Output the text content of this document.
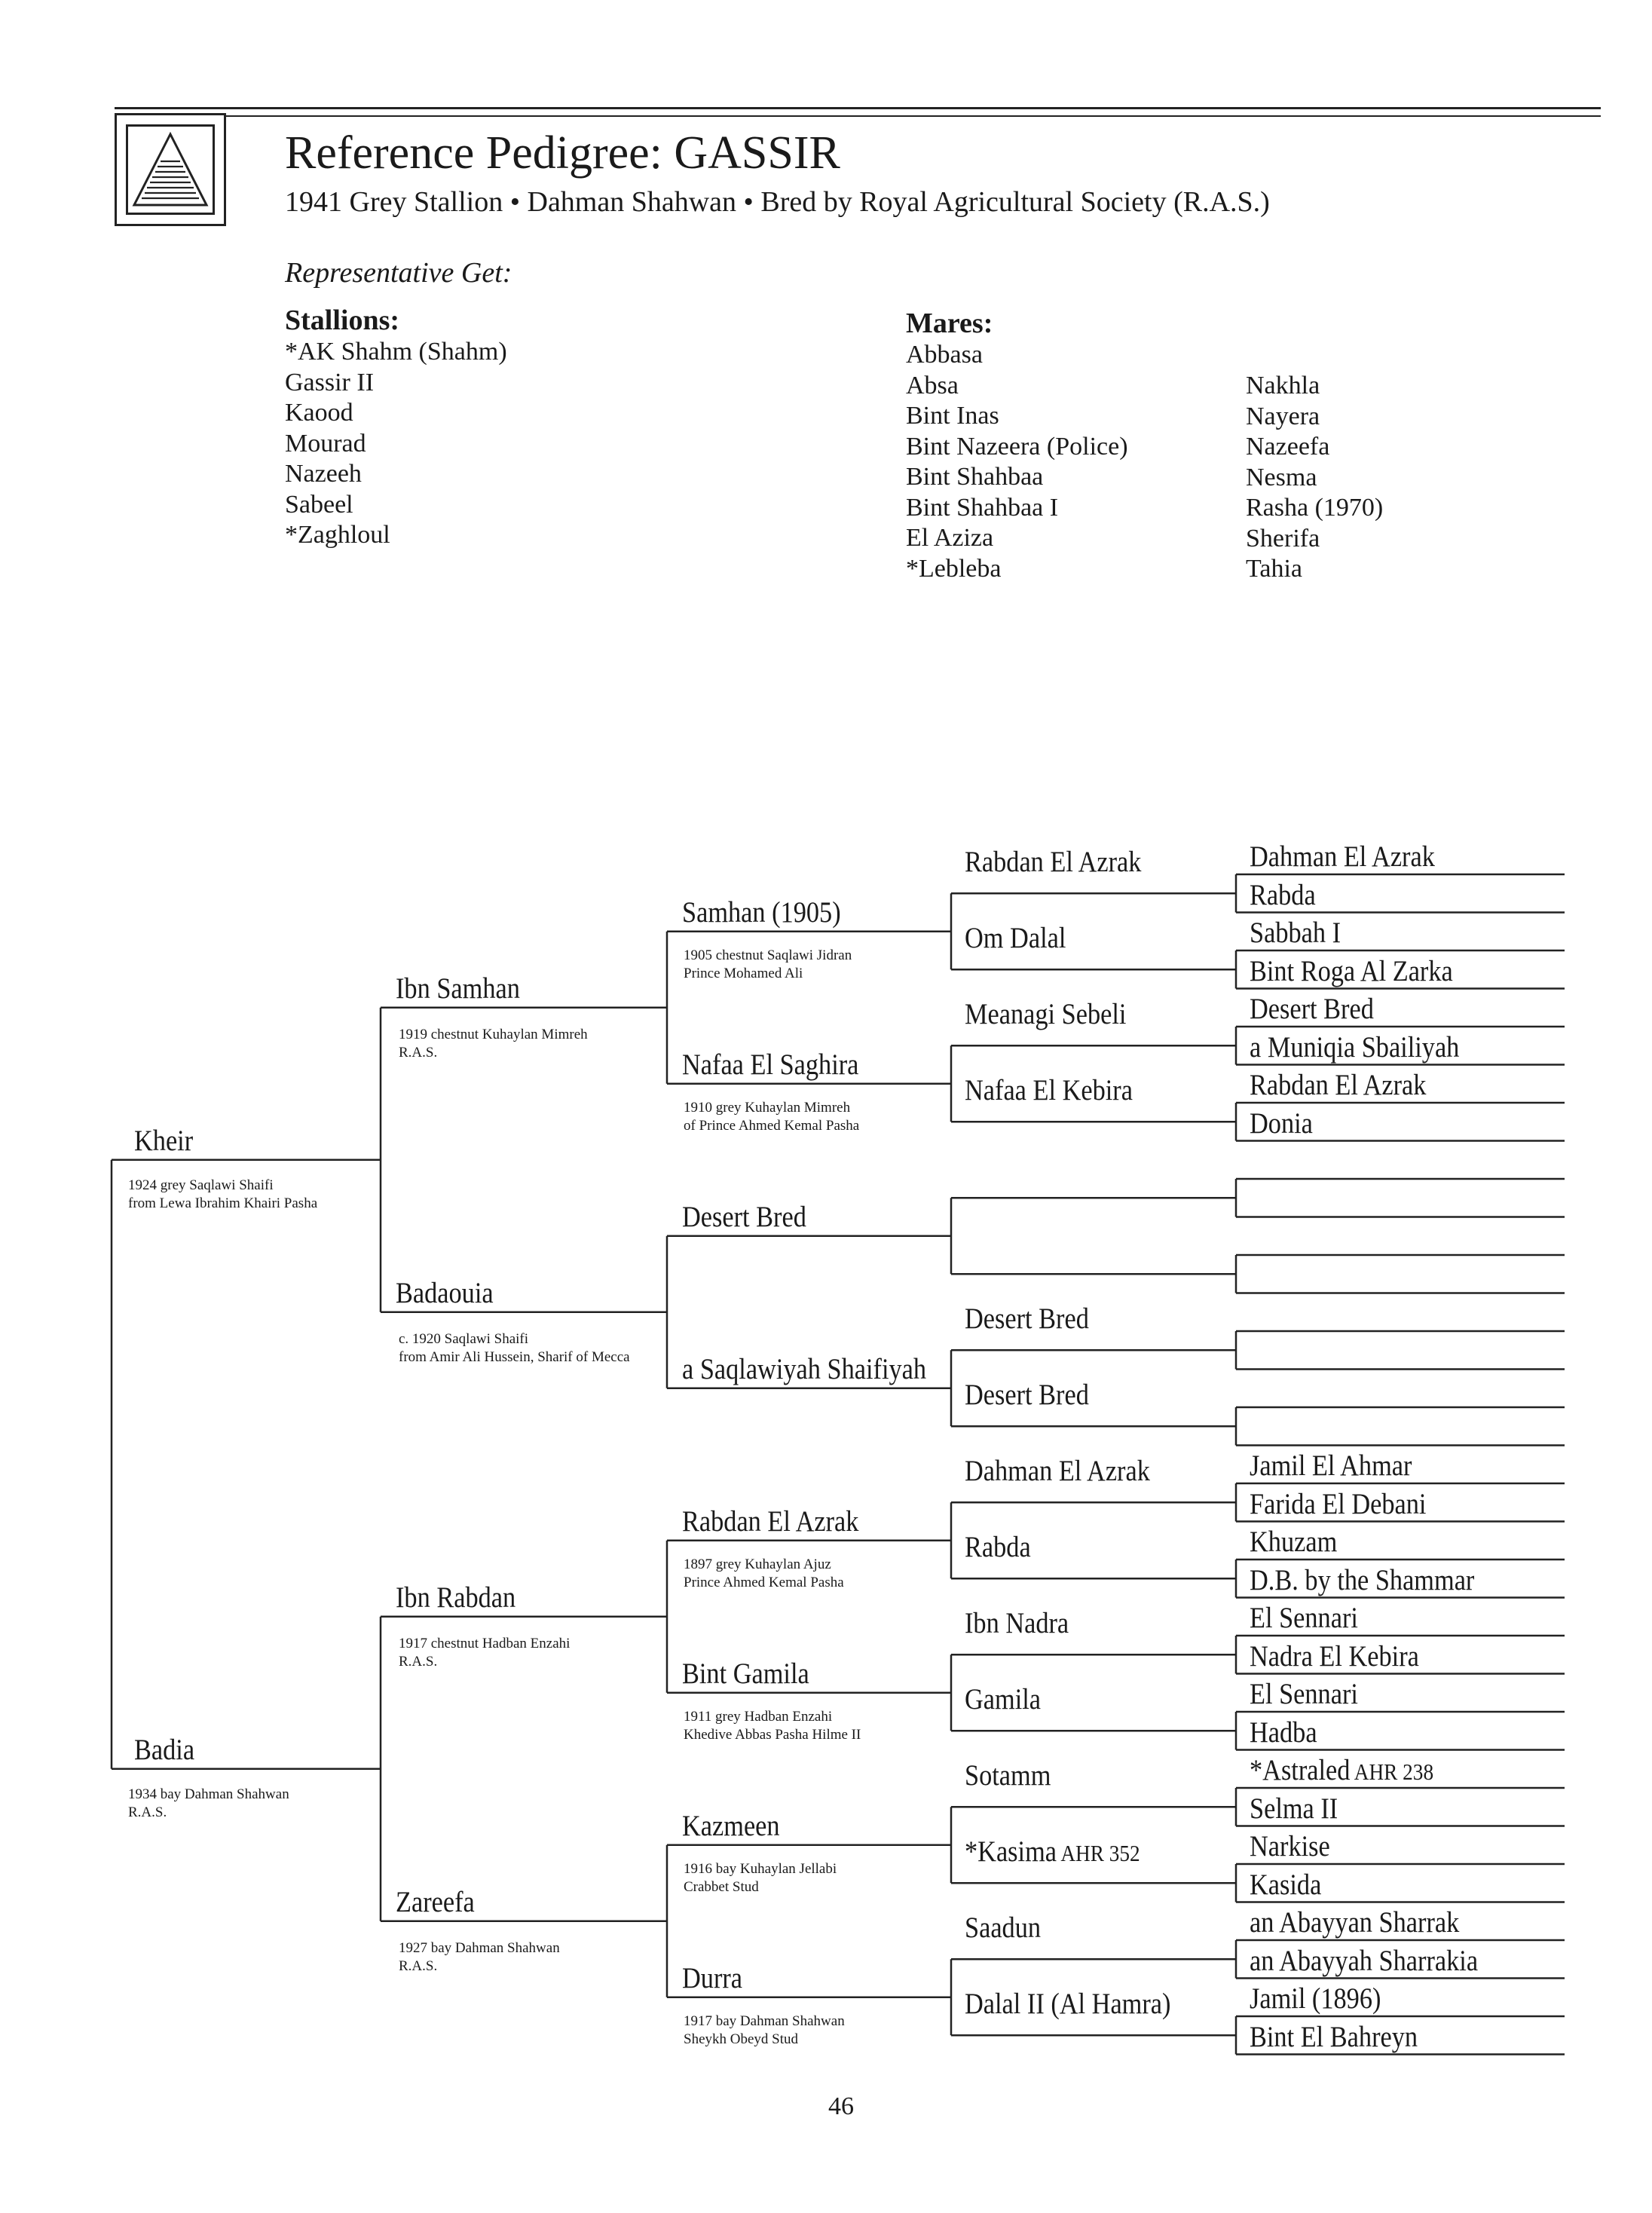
Reference Pedigree: GASSIR
1941 Grey Stallion • Dahman Shahwan • Bred by Royal Agricultural Society (R.A.S.)
Representative Get:
Stallions:
*AK Shahm (Shahm)
Gassir II
Kaood
Mourad
Nazeeh
Sabeel
*Zaghloul
Mares:
Abbasa
Absa
Bint Inas
Bint Nazeera (Police)
Bint Shahbaa
Bint Shahbaa I
El Aziza
*Lebleba
Nakhla
Nayera
Nazeefa
Nesma
Rasha (1970)
Sherifa
Tahia
Dahman El Azrak
Rabda
Sabbah I
Bint Roga Al Zarka
Desert Bred
a Muniqia Sbailiyah
Rabdan El Azrak
Donia
Jamil El Ahmar
Farida El Debani
Khuzam
D.B. by the Shammar
El Sennari
Nadra El Kebira
El Sennari
Hadba
*Astraled AHR 238
Selma II
Narkise
Kasida
an Abayyan Sharrak
an Abayyah Sharrakia
Jamil (1896)
Bint El Bahreyn
Rabdan El Azrak
Om Dalal
Meanagi Sebeli
Nafaa El Kebira
Desert Bred
Desert Bred
Dahman El Azrak
Rabda
Ibn Nadra
Gamila
Sotamm
*Kasima AHR 352
Saadun
Dalal II (Al Hamra)
Samhan (1905)
1905 chestnut Saqlawi Jidran
Prince Mohamed Ali
Nafaa El Saghira
1910 grey Kuhaylan Mimreh
of Prince Ahmed Kemal Pasha
Desert Bred
a Saqlawiyah Shaifiyah
Rabdan El Azrak
1897 grey Kuhaylan Ajuz
Prince Ahmed Kemal Pasha
Bint Gamila
1911 grey Hadban Enzahi
Khedive Abbas Pasha Hilme II
Kazmeen
1916 bay Kuhaylan Jellabi
Crabbet Stud
Durra
1917 bay Dahman Shahwan
Sheykh Obeyd Stud
Ibn Samhan
1919 chestnut Kuhaylan Mimreh
R.A.S.
Badaouia
c. 1920 Saqlawi Shaifi
from Amir Ali Hussein, Sharif of Mecca
Ibn Rabdan
1917 chestnut Hadban Enzahi
R.A.S.
Zareefa
1927 bay Dahman Shahwan
R.A.S.
Kheir
1924 grey Saqlawi Shaifi
from Lewa Ibrahim Khairi Pasha
Badia
1934 bay Dahman Shahwan
R.A.S.
46
